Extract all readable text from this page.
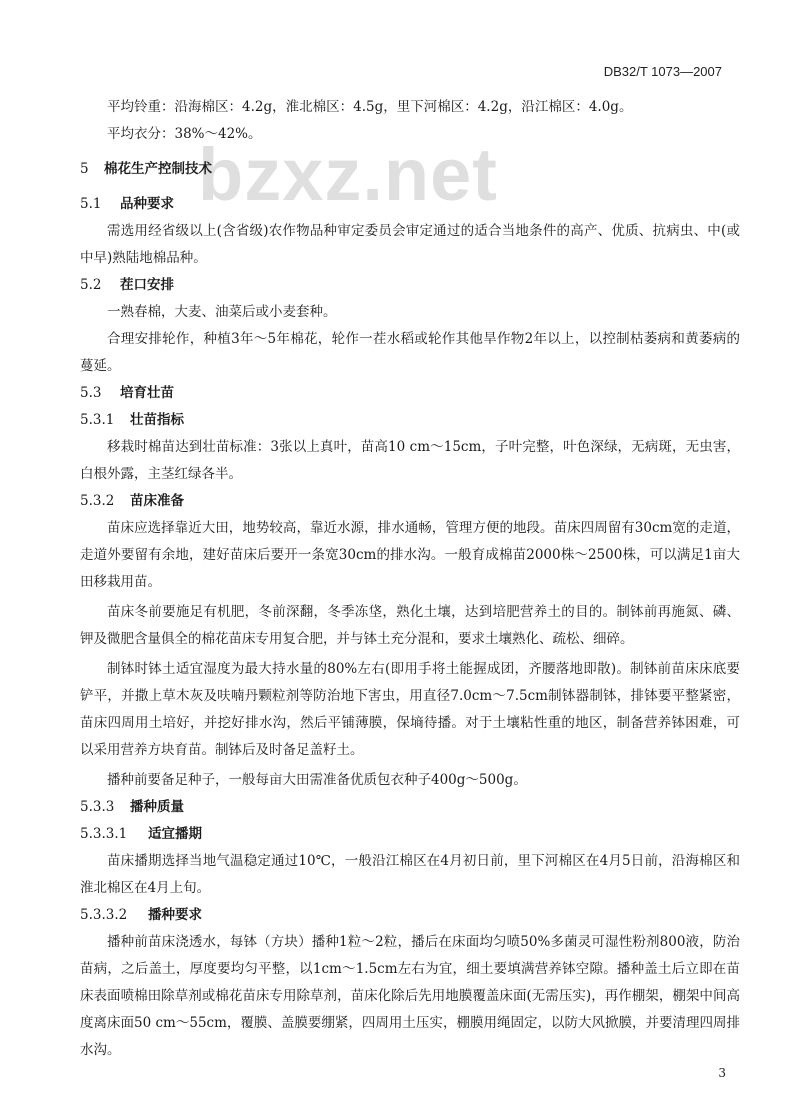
DB32/T 1073—2007
bzxz.net

平均铃重：沿海棉区：4.2g，淮北棉区：4.5g，里下河棉区：4.2g，沿江棉区：4.0g。

平均衣分：38%～42%。

5 棉花生产控制技术

5.1 品种要求

需选用经省级以上(含省级)农作物品种审定委员会审定通过的适合当地条件的高产、优质、抗病虫、中(或中早)熟陆地棉品种。

5.2 茬口安排

一熟春棉，大麦、油菜后或小麦套种。

合理安排轮作，种植3年～5年棉花，轮作一茬水稻或轮作其他旱作物2年以上，以控制枯萎病和黄萎病的蔓延。

5.3 培育壮苗

5.3.1 壮苗指标

移栽时棉苗达到壮苗标准：3张以上真叶，苗高10 cm～15cm，子叶完整，叶色深绿，无病斑，无虫害，白根外露，主茎红绿各半。

5.3.2 苗床准备

苗床应选择靠近大田，地势较高，靠近水源，排水通畅，管理方便的地段。苗床四周留有30cm宽的走道，走道外要留有余地，建好苗床后要开一条宽30cm的排水沟。一般育成棉苗2000株～2500株，可以满足1亩大田移栽用苗。

苗床冬前要施足有机肥，冬前深翻，冬季冻垡，熟化土壤，达到培肥营养土的目的。制钵前再施氮、磷、钾及微肥含量俱全的棉花苗床专用复合肥，并与钵土充分混和，要求土壤熟化、疏松、细碎。

制钵时钵土适宜湿度为最大持水量的80%左右(即用手将土能握成团，齐腰落地即散)。制钵前苗床床底要铲平，并撒上草木灰及呋喃丹颗粒剂等防治地下害虫，用直径7.0cm～7.5cm制钵器制钵，排钵要平整紧密，苗床四周用土培好，并挖好排水沟，然后平铺薄膜，保墒待播。对于土壤粘性重的地区，制备营养钵困难，可以采用营养方块育苗。制钵后及时备足盖籽土。

播种前要备足种子，一般每亩大田需准备优质包衣种子400g～500g。

5.3.3 播种质量

5.3.3.1 适宜播期

苗床播期选择当地气温稳定通过10℃，一般沿江棉区在4月初日前，里下河棉区在4月5日前，沿海棉区和淮北棉区在4月上旬。

5.3.3.2 播种要求

播种前苗床浇透水，每钵（方块）播种1粒～2粒，播后在床面均匀喷50%多菌灵可湿性粉剂800液，防治苗病，之后盖土，厚度要均匀平整，以1cm～1.5cm左右为宜，细土要填满营养钵空隙。播种盖土后立即在苗床表面喷棉田除草剂或棉花苗床专用除草剂，苗床化除后先用地膜覆盖床面(无需压实)，再作棚架，棚架中间高度离床面50 cm～55cm，覆膜、盖膜要绷紧，四周用土压实，棚膜用绳固定，以防大风掀膜，并要清理四周排水沟。

3
